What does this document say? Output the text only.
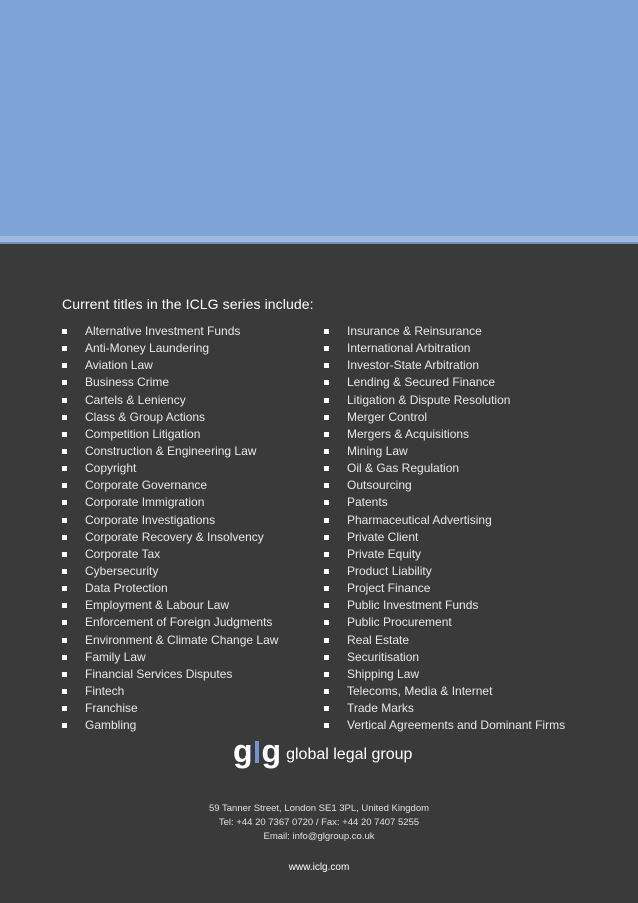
Current titles in the ICLG series include:
Alternative Investment Funds
Anti-Money Laundering
Aviation Law
Business Crime
Cartels & Leniency
Class & Group Actions
Competition Litigation
Construction & Engineering Law
Copyright
Corporate Governance
Corporate Immigration
Corporate Investigations
Corporate Recovery & Insolvency
Corporate Tax
Cybersecurity
Data Protection
Employment & Labour Law
Enforcement of Foreign Judgments
Environment & Climate Change Law
Family Law
Financial Services Disputes
Fintech
Franchise
Gambling
Insurance & Reinsurance
International Arbitration
Investor-State Arbitration
Lending & Secured Finance
Litigation & Dispute Resolution
Merger Control
Mergers & Acquisitions
Mining Law
Oil & Gas Regulation
Outsourcing
Patents
Pharmaceutical Advertising
Private Client
Private Equity
Product Liability
Project Finance
Public Investment Funds
Public Procurement
Real Estate
Securitisation
Shipping Law
Telecoms, Media & Internet
Trade Marks
Vertical Agreements and Dominant Firms
g g global legal group
59 Tanner Street, London SE1 3PL, United Kingdom
Tel: +44 20 7367 0720 / Fax: +44 20 7407 5255
Email: info@glgroup.co.uk
www.iclg.com
